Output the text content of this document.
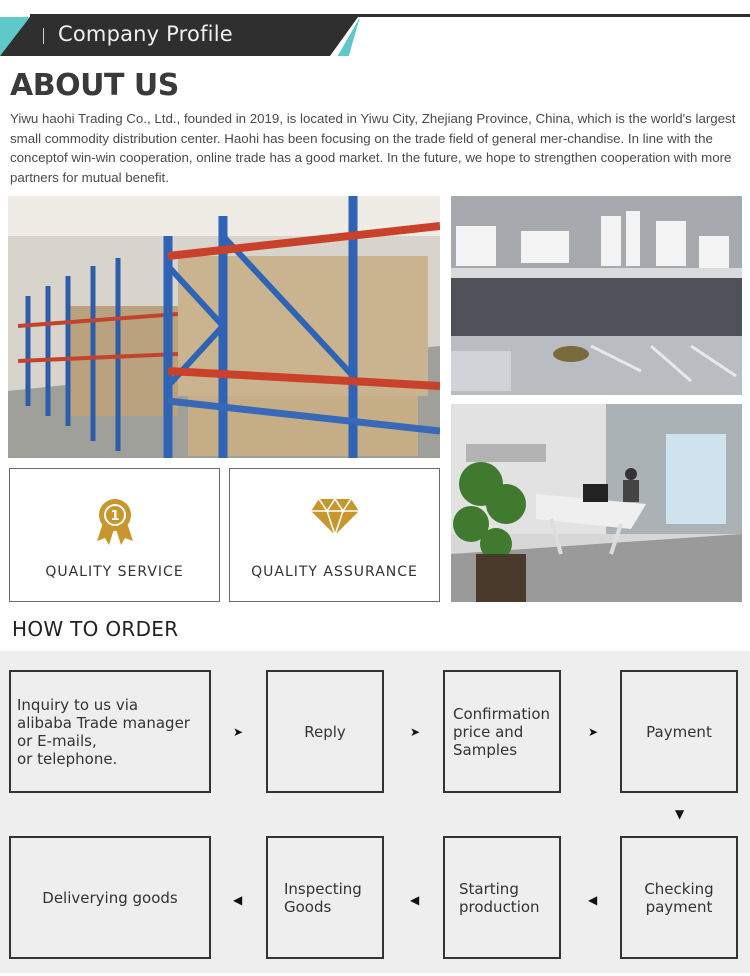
Company Profile
ABOUT US
Yiwu haohi Trading Co., Ltd., founded in 2019, is located in Yiwu City, Zhejiang Province, China, which is the world's largest small commodity distribution center. Haohi has been focusing on the trade field of general mer-chandise. In line with the conceptof win-win cooperation, online trade has a good market. In the future, we hope to strengthen cooperation with more partners for mutual benefit.
1
QUALITY SERVICE	QUALITY ASSURANCE
HOW TO ORDER
Inquiry to us via
alibaba Trade manager
or E-mails,
or telephone.
➤	Reply	➤
Confirmation
price and
Samples
➤	Payment
▼
Checking
payment
◀
Starting
production
◀
Inspecting
Goods
◀
Deliverying goods
